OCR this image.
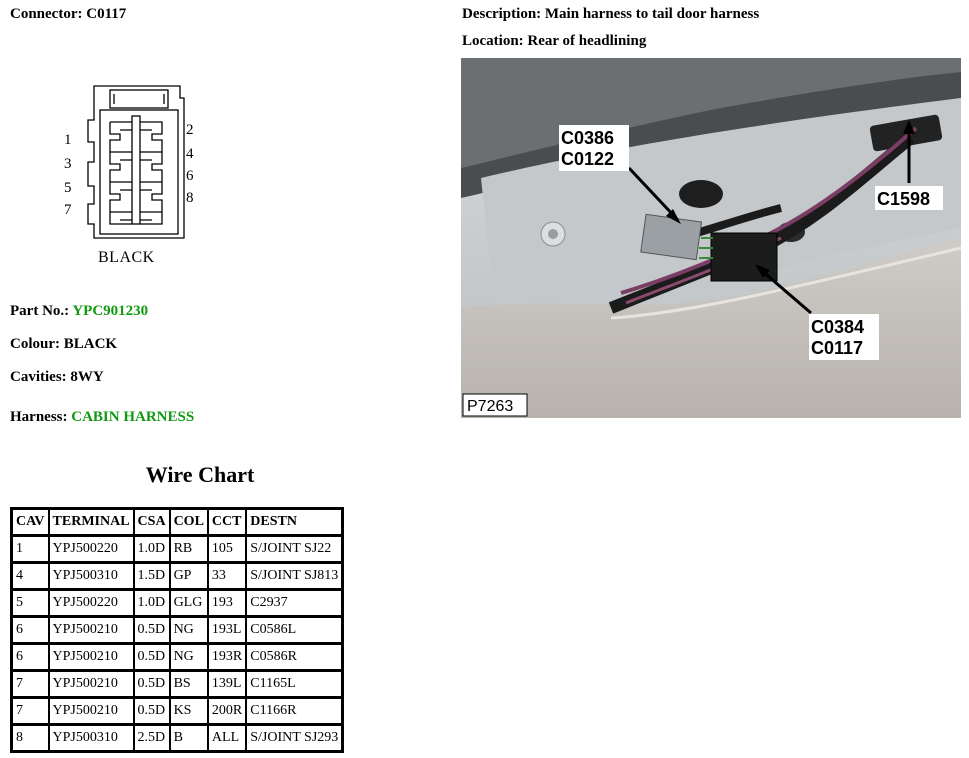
Connector: C0117	Description: Main harness to tail door harness
Location: Rear of headlining
1
3
5
7
2
4
6
8
BLACK
Part No.: YPC901230
Colour: BLACK
Cavities: 8WY
Harness: CABIN HARNESS
C0386
C0122
C1598
C0384
C0117
P7263
Wire Chart
CAV	TERMINAL	CSA	COL	CCT	DESTN
1	YPJ500220	1.0D	RB	105	S/JOINT SJ22
4	YPJ500310	1.5D	GP	33	S/JOINT SJ813
5	YPJ500220	1.0D	GLG	193	C2937
6	YPJ500210	0.5D	NG	193L	C0586L
6	YPJ500210	0.5D	NG	193R	C0586R
7	YPJ500210	0.5D	BS	139L	C1165L
7	YPJ500210	0.5D	KS	200R	C1166R
8	YPJ500310	2.5D	B	ALL	S/JOINT SJ293
